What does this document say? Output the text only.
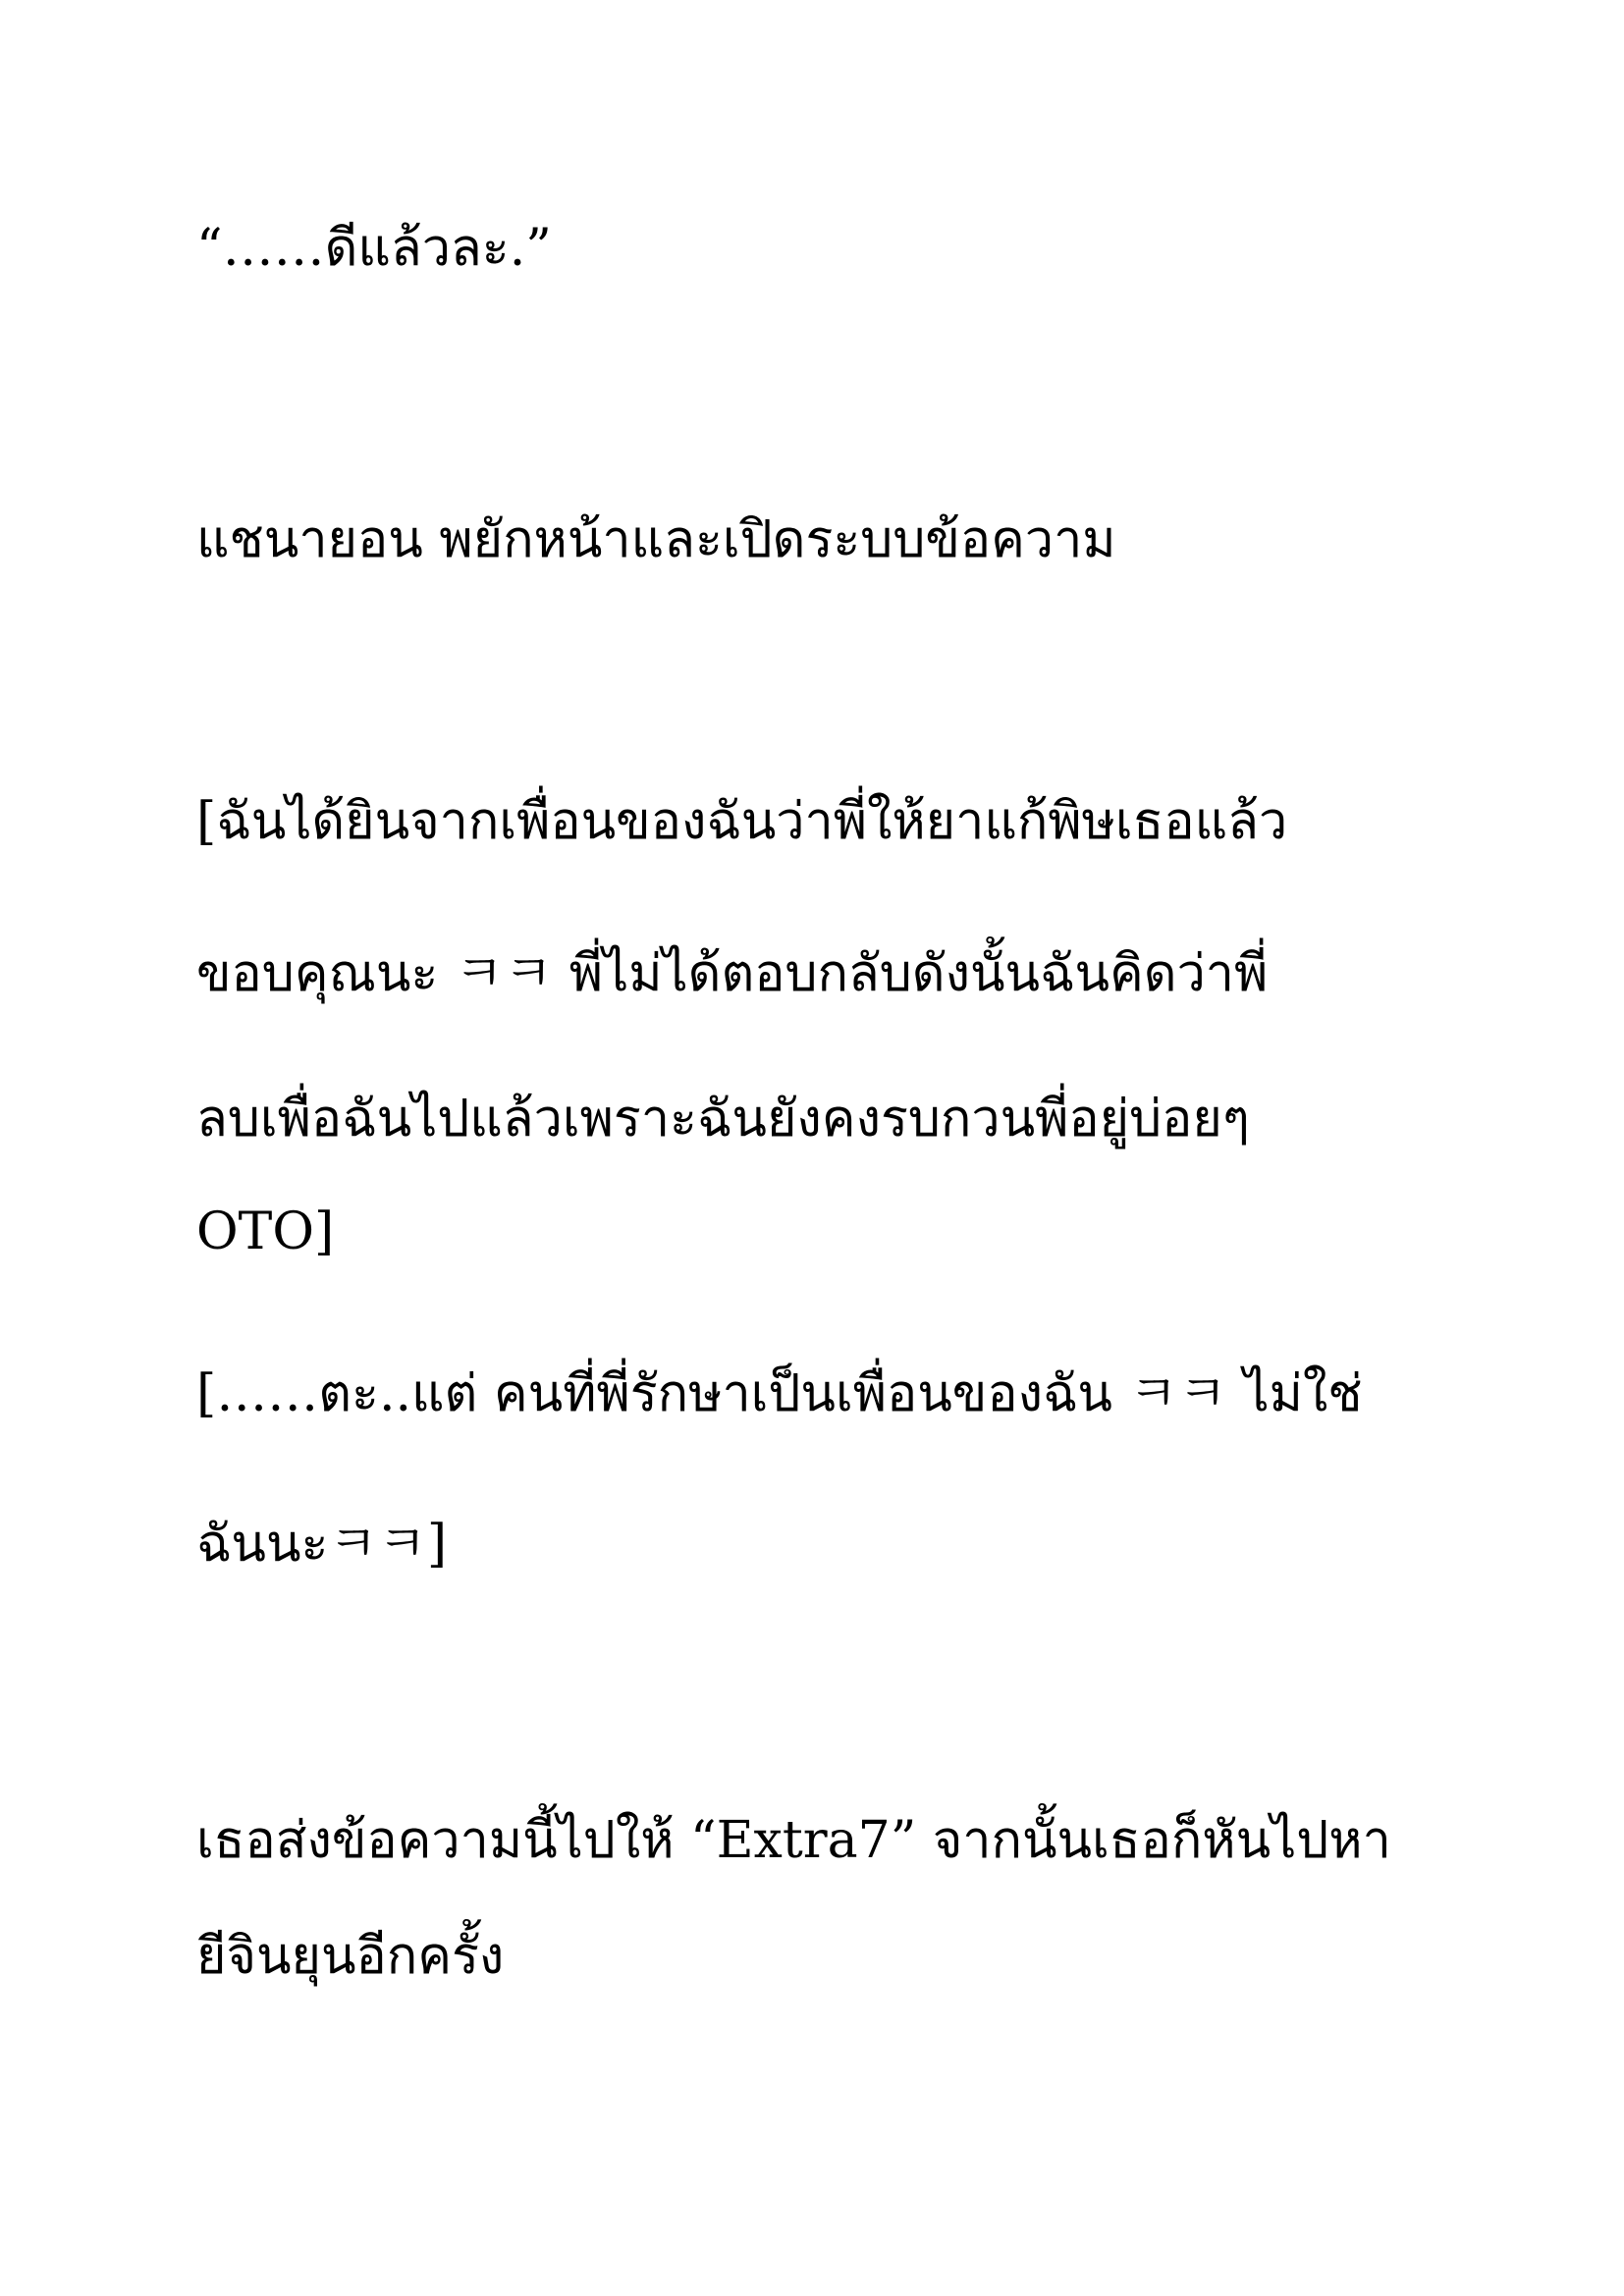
“……ดีแล้วละ.”
แชนายอน พยักหน้าและเปิดระบบข้อความ
[ฉันได้ยินจากเพื่อนของฉันว่าพี่ให้ยาแก้พิษเธอแล้ว
ขอบคุณนะ ㅋㅋ พี่ไม่ได้ตอบกลับดังนั้นฉันคิดว่าพี่
ลบเพื่อฉันไปแล้วเพราะฉันยังคงรบกวนพี่อยู่บ่อยๆ
OTO]
[……ตะ..แต่ คนที่พี่รักษาเป็นเพื่อนของฉัน ㅋㅋ ไม่ใช่
ฉันนะㅋㅋ]
เธอส่งข้อความนี้ไปให้ “Extra7” จากนั้นเธอก็หันไปหา
ยีจินยุนอีกครั้ง
